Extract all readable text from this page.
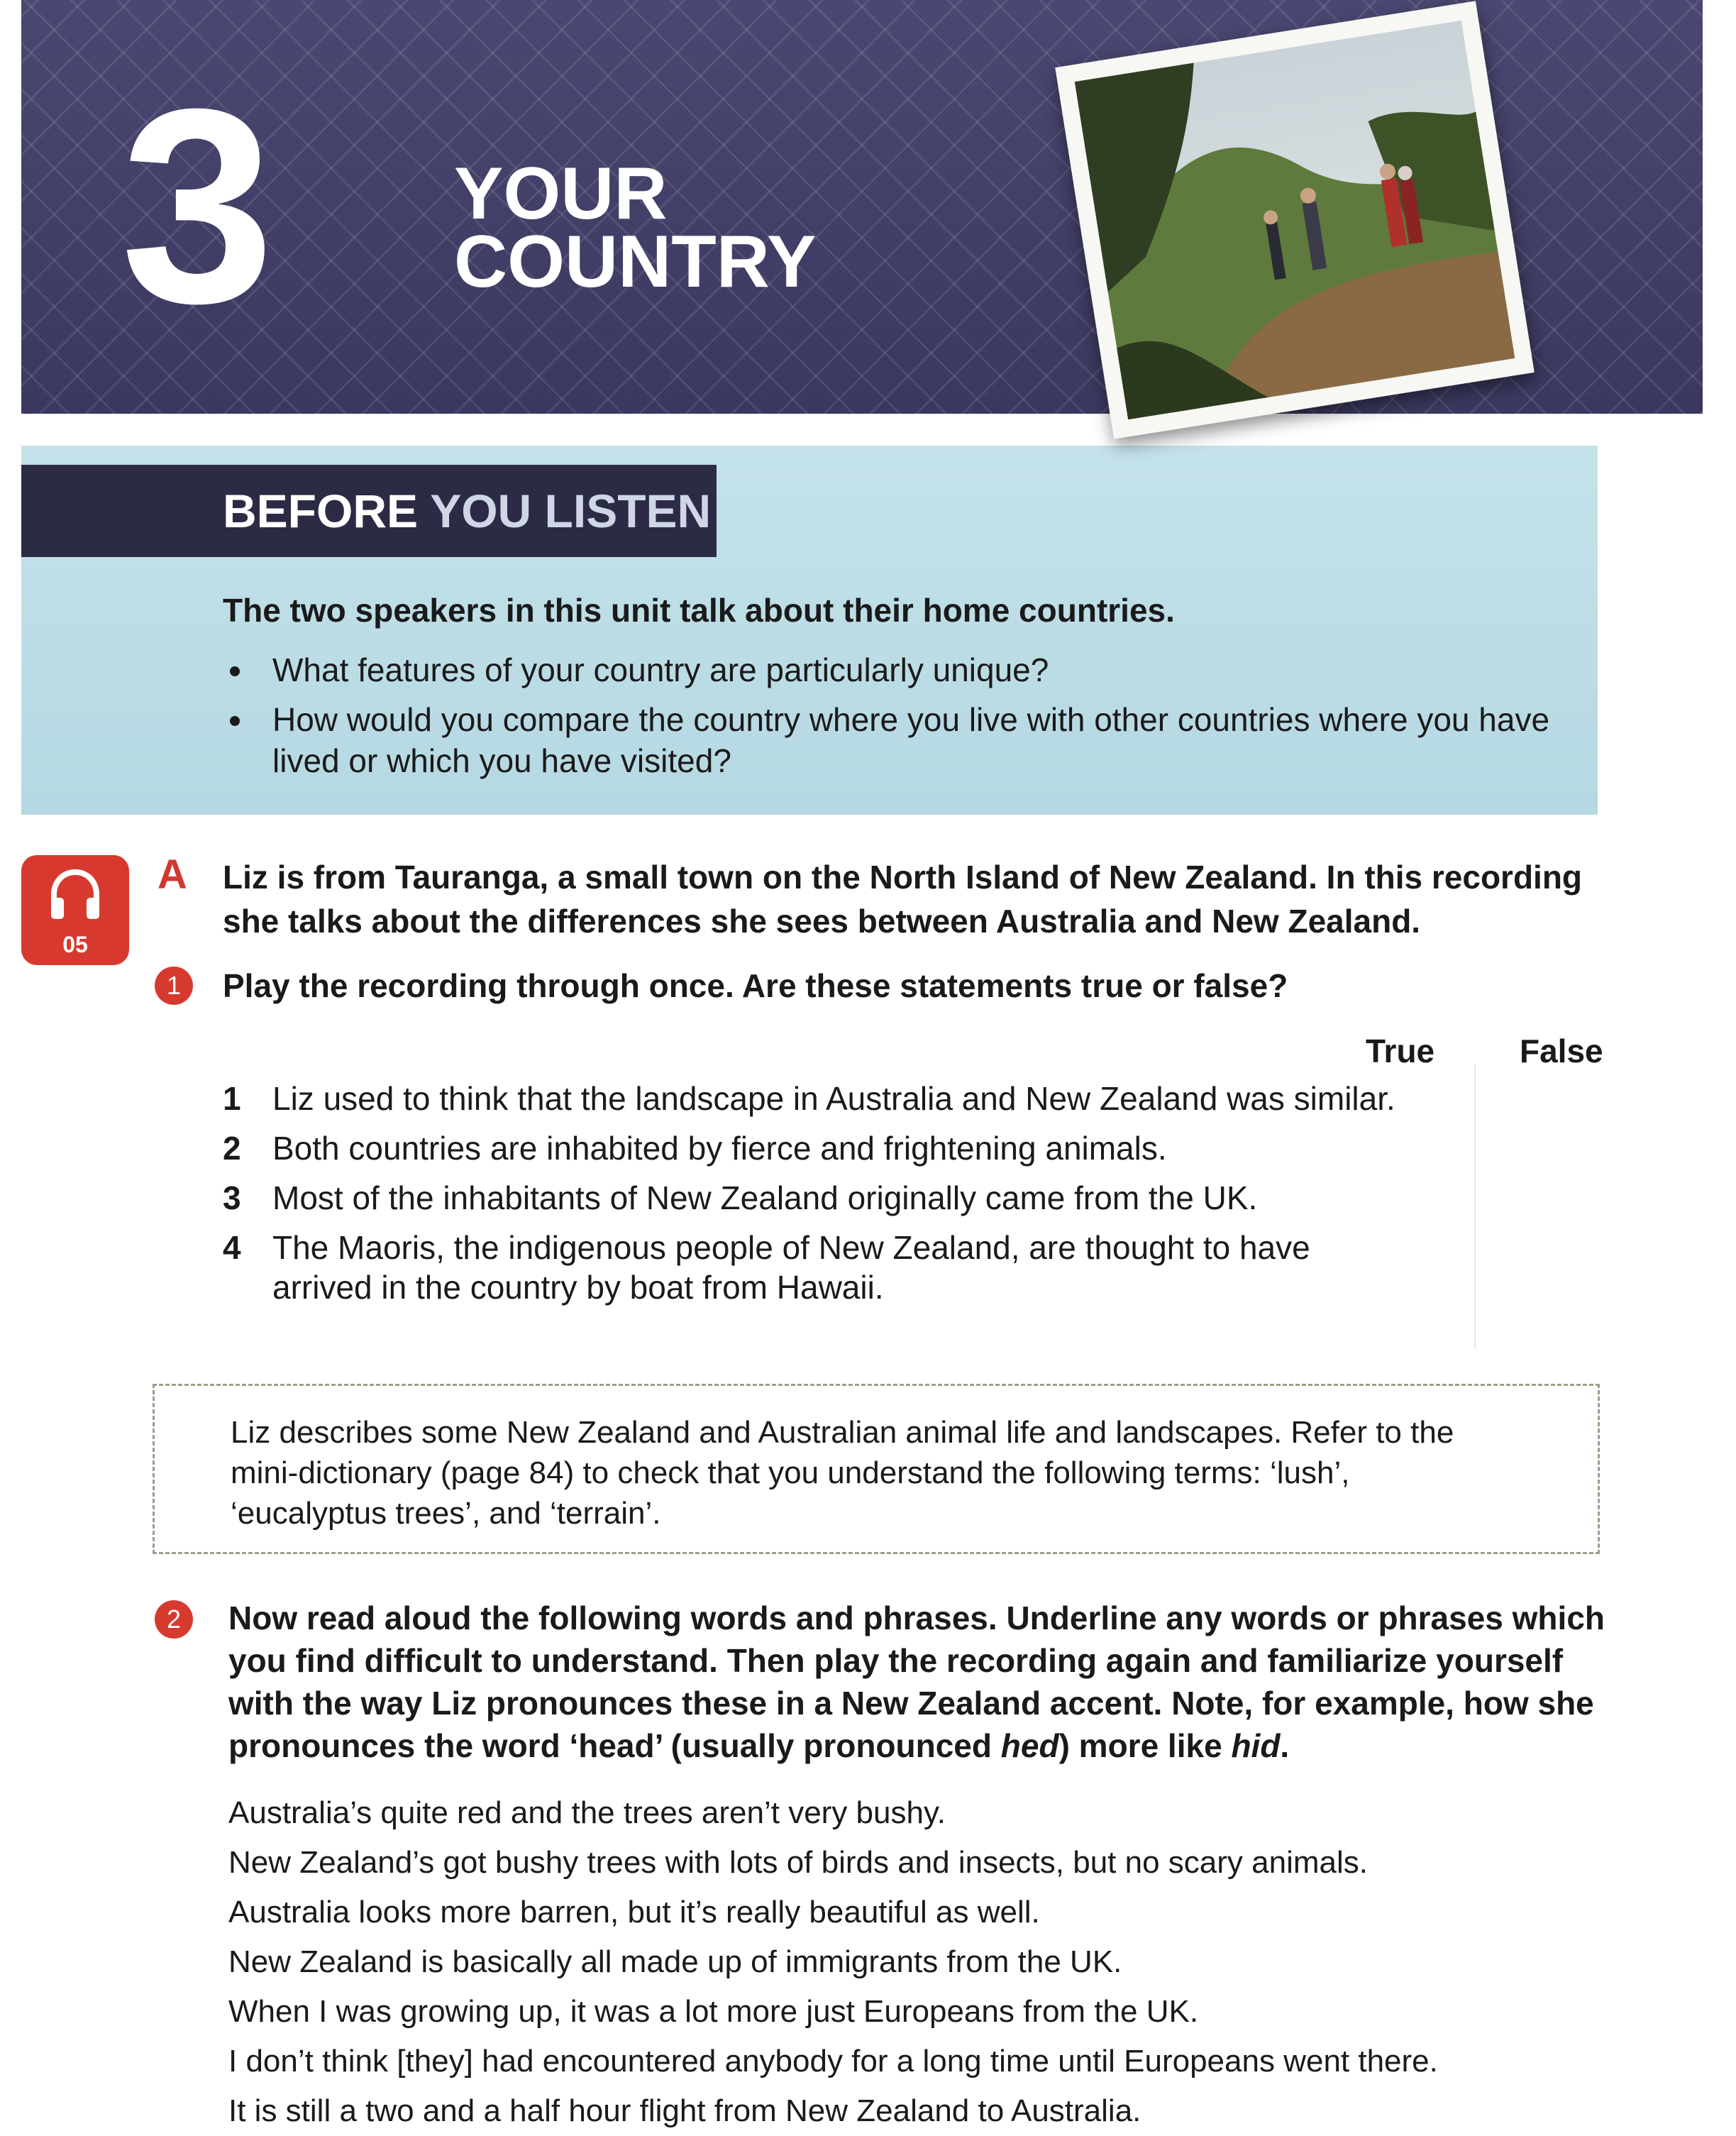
3	YOUR
COUNTRY
BEFORE YOU LISTEN

The two speakers in this unit talk about their home countries.

What features of your country are particularly unique?
How would you compare the country where you live with other countries where you have lived or which you have visited?
05

A Liz is from Tauranga, a small town on the North Island of New Zealand. In this recording she talks about the differences she sees between Australia and New Zealand.

1	Play the recording through once. Are these statements true or false?

True	False

1 Liz used to think that the landscape in Australia and New Zealand was similar.
2 Both countries are inhabited by fierce and frightening animals.
3 Most of the inhabitants of New Zealand originally came from the UK.
4 The Maoris, the indigenous people of New Zealand, are thought to have arrived in the country by boat from Hawaii.

Liz describes some New Zealand and Australian animal life and landscapes. Refer to the mini-dictionary (page 84) to check that you understand the following terms: ‘lush’, ‘eucalyptus trees’, and ‘terrain’.

2	Now read aloud the following words and phrases. Underline any words or phrases which you find difficult to understand. Then play the recording again and familiarize yourself with the way Liz pronounces these in a New Zealand accent. Note, for example, how she pronounces the word ‘head’ (usually pronounced hed) more like hid.

Australia’s quite red and the trees aren’t very bushy.
New Zealand’s got bushy trees with lots of birds and insects, but no scary animals.
Australia looks more barren, but it’s really beautiful as well.
New Zealand is basically all made up of immigrants from the UK.
When I was growing up, it was a lot more just Europeans from the UK.
I don’t think [they] had encountered anybody for a long time until Europeans went there.
It is still a two and a half hour flight from New Zealand to Australia.
